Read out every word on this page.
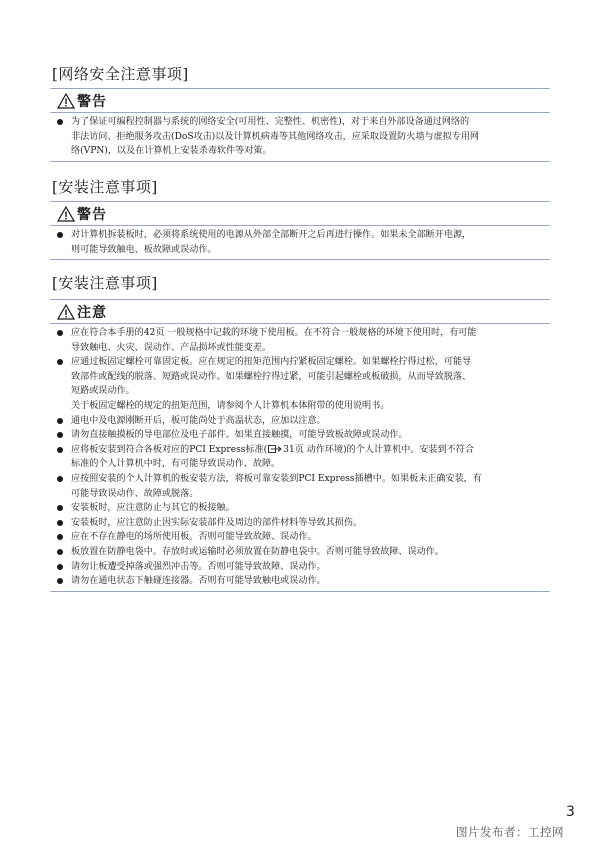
[网络安全注意事项]
警告
为了保证可编程控制器与系统的网络安全(可用性、完整性、机密性)，对于来自外部设备通过网络的
非法访问、拒绝服务攻击(DoS攻击)以及计算机病毒等其他网络攻击，应采取设置防火墙与虚拟专用网
络(VPN)，以及在计算机上安装杀毒软件等对策。
[安装注意事项]
警告
对计算机拆装板时，必须将系统使用的电源从外部全部断开之后再进行操作。如果未全部断开电源，
则可能导致触电、板故障或误动作。
[安装注意事项]
注意
应在符合本手册的42页 一般规格中记载的环境下使用板。在不符合一般规格的环境下使用时，有可能
导致触电、火灾、误动作、产品损坏或性能变差。
应通过板固定螺栓可靠固定板。应在规定的扭矩范围内拧紧板固定螺栓。如果螺栓拧得过松，可能导
致部件或配线的脱落、短路或误动作。如果螺栓拧得过紧，可能引起螺栓或板破损，从而导致脱落、
短路或误动作。
关于板固定螺栓的规定的扭矩范围，请参阅个人计算机本体附带的使用说明书。
通电中及电源刚断开后，板可能尚处于高温状态，应加以注意。
请勿直接触摸板的导电部位及电子部件。如果直接触摸，可能导致板故障或误动作。
应将板安装到符合各板对应的PCI Express标准( 31页 动作环境)的个人计算机中。安装到不符合
标准的个人计算机中时，有可能导致误动作、故障。
应按照安装的个人计算机的板安装方法，将板可靠安装到PCI Express插槽中。如果板未正确安装，有
可能导致误动作、故障或脱落。
安装板时，应注意防止与其它的板接触。
安装板时，应注意防止因实际安装部件及周边的部件材料等导致其损伤。
应在不存在静电的场所使用板。否则可能导致故障、误动作。
板放置在防静电袋中。存放时或运输时必须放置在防静电袋中。否则可能导致故障、误动作。
请勿让板遭受掉落或强烈冲击等。否则可能导致故障、误动作。
请勿在通电状态下触碰连接器。否则有可能导致触电或误动作。
3
图片发布者：工控网
